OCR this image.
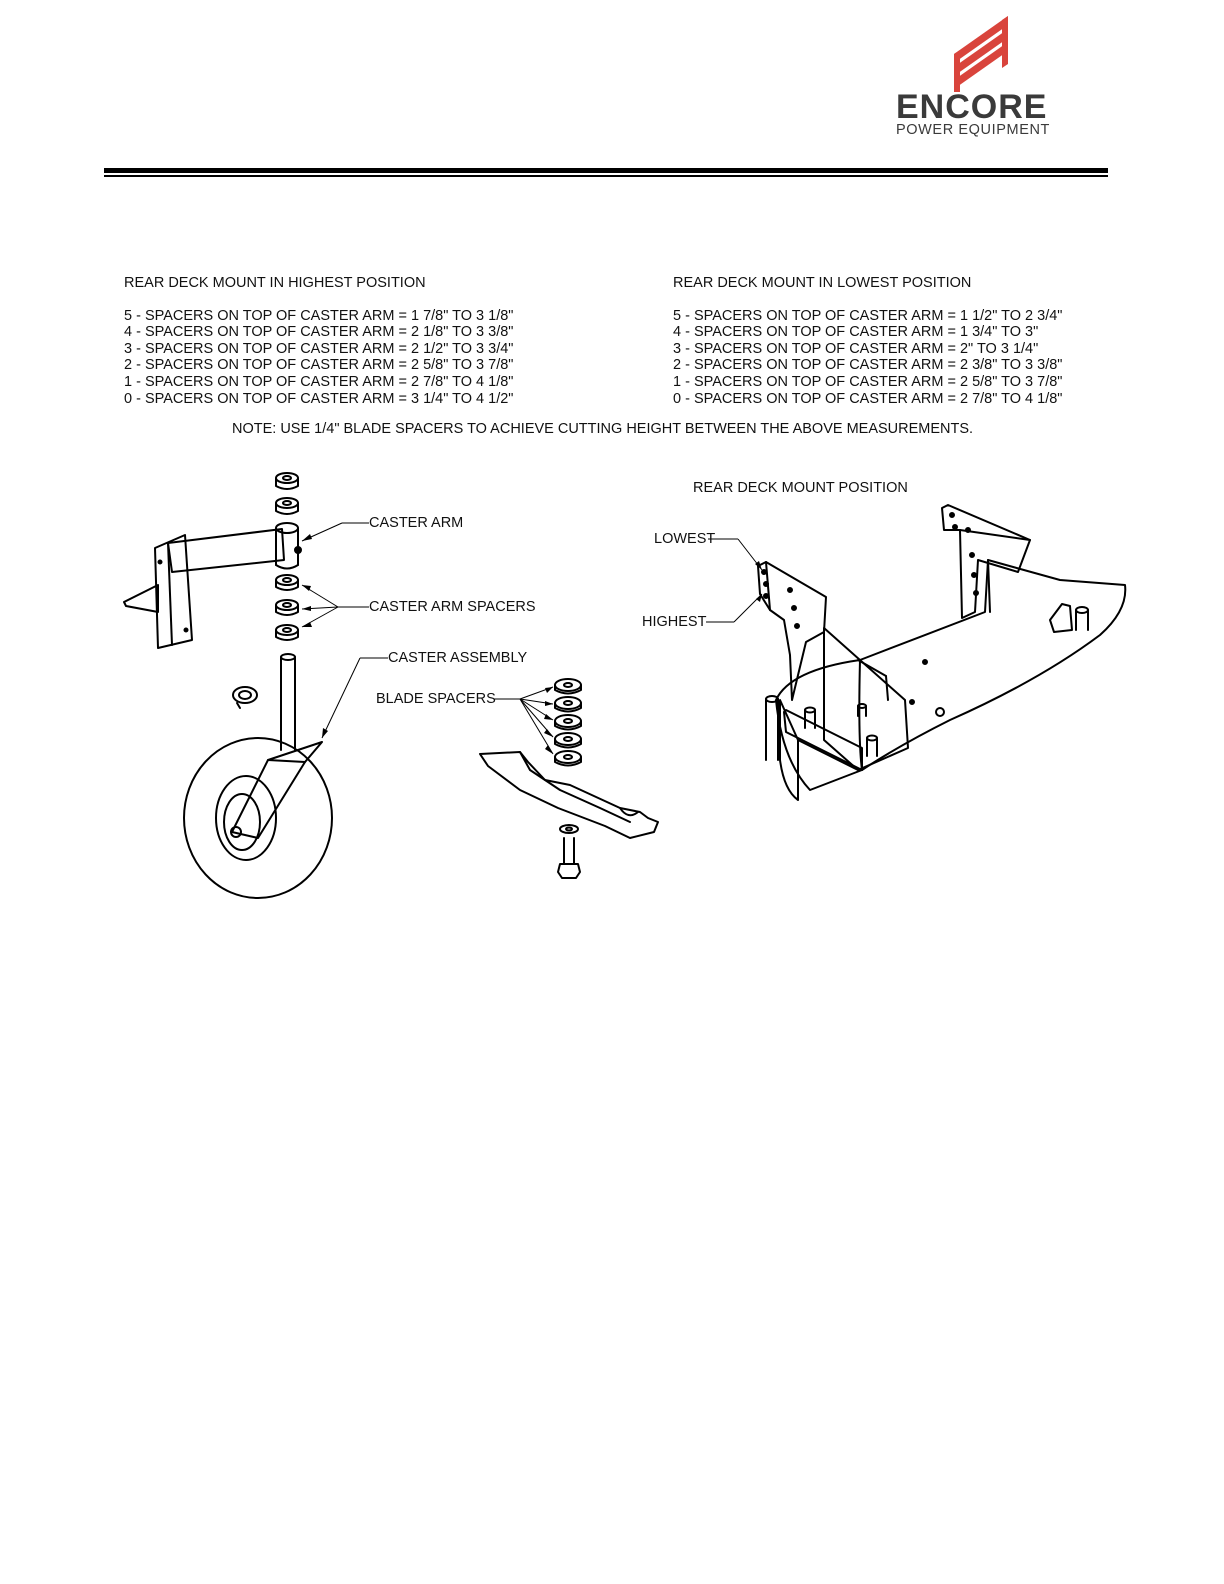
ENCORE
POWER EQUIPMENT
REAR DECK MOUNT IN HIGHEST POSITION
5 - SPACERS ON TOP OF CASTER ARM = 1 7/8" TO 3 1/8"
4 - SPACERS ON TOP OF CASTER ARM = 2 1/8" TO 3 3/8"
3 - SPACERS ON TOP OF CASTER ARM = 2 1/2" TO 3 3/4"
2 - SPACERS ON TOP OF CASTER ARM = 2 5/8" TO 3 7/8"
1 - SPACERS ON TOP OF CASTER ARM = 2 7/8" TO 4 1/8"
0 - SPACERS ON TOP OF CASTER ARM = 3 1/4" TO 4 1/2"
REAR DECK MOUNT IN LOWEST POSITION
5 - SPACERS ON TOP OF CASTER ARM = 1 1/2" TO 2 3/4"
4 - SPACERS ON TOP OF CASTER ARM = 1 3/4" TO 3"
3 - SPACERS ON TOP OF CASTER ARM = 2" TO 3 1/4"
2 - SPACERS ON TOP OF CASTER ARM = 2 3/8" TO 3 3/8"
1 - SPACERS ON TOP OF CASTER ARM = 2 5/8" TO 3 7/8"
0 - SPACERS ON TOP OF CASTER ARM = 2 7/8" TO 4 1/8"
NOTE: USE 1/4" BLADE SPACERS TO ACHIEVE CUTTING HEIGHT BETWEEN THE ABOVE MEASUREMENTS.
CASTER ARM
CASTER ARM SPACERS
CASTER ASSEMBLY
BLADE SPACERS
REAR DECK MOUNT POSITION
LOWEST
HIGHEST
